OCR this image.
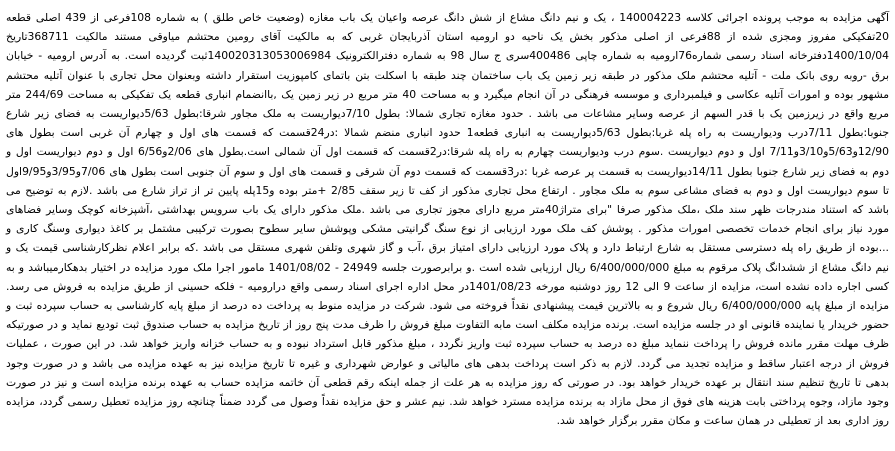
آگهی مزایده به موجب پرونده اجرائی کلاسه 140004223 ، یک و نیم دانگ مشاع از شش دانگ عرصه واعیان یک باب مغازه (وضعیت خاص طلق ) به شماره 108فرعی از 439 اصلی قطعه 20تفکیکی مفروز ومجزی شده از 88فرعی از اصلی مذکور بخش یک ناحیه دو ارومیه استان آذربایجان غربی که به مالکیت آقای رومین محتشم میاوقی مستند مالکیت 368711تاریخ 1400/10/04دفترخانه اسناد رسمی شماره76ارومیه به شماره چاپی 400486سری ج سال 98 به شماره دفترالکترونیک 140020313053006984ثبت گردیده است. به آدرس ارومیه - خیابان برق -روبه روی بانک ملت - آتلیه محتشم ملک مذکور در طبقه زیر زمین یک باب ساختمان چند طبقه با اسکلت بتن باتمای کامپوزیت استقرار داشته وبعنوان محل تجاری با عنوان آتلیه محتشم مشهور بوده و امورات آتلیه عکاسی و فیلمبرداری و موسسه فرهنگی در آن انجام میگیرد و به مساحت 40 متر مربع در زیر زمین یک ,باانضمام انباری قطعه یک تفکیکی به مساحت 244/69 متر مربع واقع در زیرزمین یک با قدر السهم از عرصه وسایر مشاعات می باشد . حدود مغازه تجاری شمالا: بطول 7/10دیواریست به ملک مجاور شرقا:بطول 5/63دیواریست به فضای زیر شارع جنوبا:بطول 7/11درب ودیواریست به راه پله غربا:بطول 5/63دیواریست به انباری قطعه1 حدود انباری منضم شمالا :در24قسمت که قسمت های اول و چهارم آن غربی است بطول های 12/90و5/63و3/10و7/11 اول و دوم دیواریست .سوم درب ودیواریست چهارم به راه پله شرقا:در2قسمت که قسمت اول آن شمالی است.بطول های 2/06و6/56 اول و دوم دیواریست اول و دوم به فضای زیر شارع جنوبا بطول 14/11دیواریست به قسمت پر عرصه غربا :در3قسمت که قسمت دوم آن شرقی و قسمت های اول و سوم آن جنوبی است بطول های 7/06و3/95و9/95اول تا سوم دیواریست اول و دوم به فضای مشاعی سوم به ملک مجاور . ارتفاع محل تجاری مذکور از کف تا زیر سقف 2/85 +متر بوده و15پله پایین تر از تراز شارع می باشد .لازم به توضیح می باشد که استناد مندرجات ظهر سند ملک ،ملک مذکور صرفا "برای متراژ40متر مربع دارای مجوز تجاری می باشد .ملک مذکور دارای یک باب سرویس بهداشتی ،آشپزخانه کوچک وسایر فضاهای مورد نیاز برای انجام خدمات تخصصی امورات مذکور . پوشش کف ملک مورد ارزیابی از نوع سنگ گرانیتی مشکی وپوشش سایر سطوح بصورت ترکیبی مشتمل بر کاغذ دیواری وسنگ کاری و ...بوده از طریق راه پله دسترسی مستقل به شارع ارتباط دارد و پلاک مورد ارزیابی دارای امتیاز برق ،آب و گاز شهری وتلفن شهری مستقل می باشد .که برابر اعلام نظرکارشناسی قیمت یک و نیم دانگ مشاع از ششدانگ پلاک مرقوم به مبلغ 6/400/000/000 ریال ارزیابی شده است .و برابرصورت جلسه 24949 - 1401/08/02 مامور اجرا ملک مورد مزایده در اختیار بدهکارمیباشد و به کسی اجاره داده نشده است، مزایده از ساعت 9 الی 12 روز دوشنبه مورخه 1401/08/23در محل اداره اجرای اسناد رسمی واقع درارومیه - فلکه حسینی از طریق مزایده به فروش می رسد. مزایده از مبلغ پایه 6/400/000/000 ریال شروع و به بالاترین قیمت پیشنهادی نقداً فروخته می شود. شرکت در مزایده منوط به پرداخت ده درصد از مبلغ پایه کارشناسی به حساب سپرده ثبت و حضور خریدار یا نماینده قانونی او در جلسه مزایده است. برنده مزایده مکلف است مابه التفاوت مبلغ فروش را ظرف مدت پنج روز از تاریخ مزایده به حساب صندوق ثبت تودیع نماید و در صورتیکه ظرف مهلت مقرر مانده فروش را پرداخت ننماید مبلغ ده درصد به حساب سپرده ثبت واریز نگردد ، مبلغ مذکور قابل استرداد نبوده و به حساب خزانه واریز خواهد شد. در این صورت ، عملیات فروش از درجه اعتبار ساقط و مزایده تجدید می گردد. لازم به ذکر است پرداخت بدهی های مالیاتی و عوارض شهرداری و غیره تا تاریخ مزایده نیز به عهده مزایده می باشد و در صورت وجود بدهی تا تاریخ تنظیم سند انتقال بر عهده خریدار خواهد بود. در صورتی که روز مزایده به هر علت از جمله اینکه رقم قطعی آن خاتمه مزایده حساب به عهده برنده مزایده است و نیز در صورت وجود مازاد، وجوه پرداختی بابت هزینه های فوق از محل مازاد به برنده مزایده مسترد خواهد شد. نیم عشر و حق مزایده نقداً وصول می گردد ضمناً چنانچه روز مزایده تعطیل رسمی گردد، مزایده روز اداری بعد از تعطیلی در همان ساعت و مکان مقرر برگزار خواهد شد.
